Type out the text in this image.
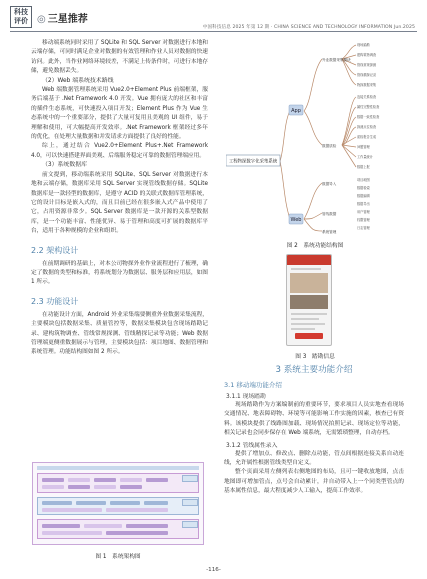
科技
评价 ◎ 三星推荐
中国科技信息 2025 年第 12 期 · CHINA SCIENCE AND TECHNOLOGY INFORMATION Jun.2025

移动端系统同时采用了 SQLite 和 SQL Server 对数据进行本地和云端存储，可同时满足企业对数据的有效管理和作业人员对数据的快速访问。此外，当作业网络环境较差，不满足上传条件时，可进行本地存储，避免数据丢失。

（2）Web 端系统技术路线

Web 端数据管理系统采用 Vue2.0+Element Plus 前端框架，服务后端基于 .Net Framework 4.0 开发。Vue 拥有庞大的社区和丰富的插件生态系统，可快速投入项目开发；Element Plus 作为 Vue 生态系统中的一个重要部分，提供了大量可复用且美观的 UI 组件，易于理解和使用，可大幅提高开发效率。.Net Framework 框架经过多年的优化，在处理大量数据和并发请求方面提供了良好的性能。

综上，通过结合 Vue2.0+Element Plus+.Net Framework 4.0，可以快速搭建界面美观、后端服务稳定可靠的数据管理端应用。

（3）系统数据库

前文提到，移动端系统采用 SQLite、SQL Server 对数据进行本地和云端存储，数据库采用 SQL Server 实现管线数据存储。SQLite 数据库是一款轻型的数据库，是遵守 ACID 的关联式数据库管理系统，它的设计目标是嵌入式的，而且目前已经在很多嵌入式产品中使用了它，占用资源非常少。SQL Server 数据库是一款开源的关系型数据库，是一个功能丰富、性能优异、易于管理和高度可扩展的数据库平台，适用于各种规模的企业和组织。

2.2 架构设计

在前期调研的基础上，对本公司物探外业作业流程进行了梳理，确定了数据的类型和标准，将系统划分为数据层、服务层和应用层，如图 1 所示。

2.3 功能设计

在功能设计方面，Android 外业采集端要侧重外业数据采集流程，主要模块包括数据采集、质量管控等，数据采集模块包含现场踏勘记录、建构筑物调查、管线常规探测、管线精探记录等功能；Web 数据管理端更侧重数据展示与管理，主要模块包括：项目地图、数据管理和系统管理。功能结构图如图 2 所示。

图 1　系统架构图
工程物探数字化采集系统
App
Web
外业数据采集模块
数据质检
数据导入
管线数据
系统管理
现场踏勘
建构筑物调查
管线常规探测
管线精探记录
物探数据采集
连接关系检查
属性完整性检查
数据一致性检查
探测点位检查
质检报告生成
问题管理
工作量统计
数据上报
项目地图
数据检索
数据编辑
数据导出
用户管理
权限管理
日志管理
图 2　系统功能结构图
图 3　踏勘信息
3 系统主要功能介绍
3.1 移动端功能介绍
3.1.1 现场踏勘

现场踏勘作为方案编制前的重要环节，要求项目人员实地查看现场交通情况、地表障碍物、环境等可能影响工作实施的因素，核查已有资料。该模块提供了线路图加载、现场情况拍照记录、现场定位等功能，相关记录也会同步保存在 Web 端系统，无需繁琐整理，自动存档。

3.1.2 管线属性录入

提供了增加点、修改点、删除点功能，管点间根据连接关系自动连线，允许属性根据管线类型自定义。

整个页面采用左侧列表右侧地图的布局，且可一键收放地图，点击地图即可增加管点，点号会自动累计，并自动带入上一个同类型管点的基本属性信息，最大程度减少人工输入，提高工作效率。

-116-
